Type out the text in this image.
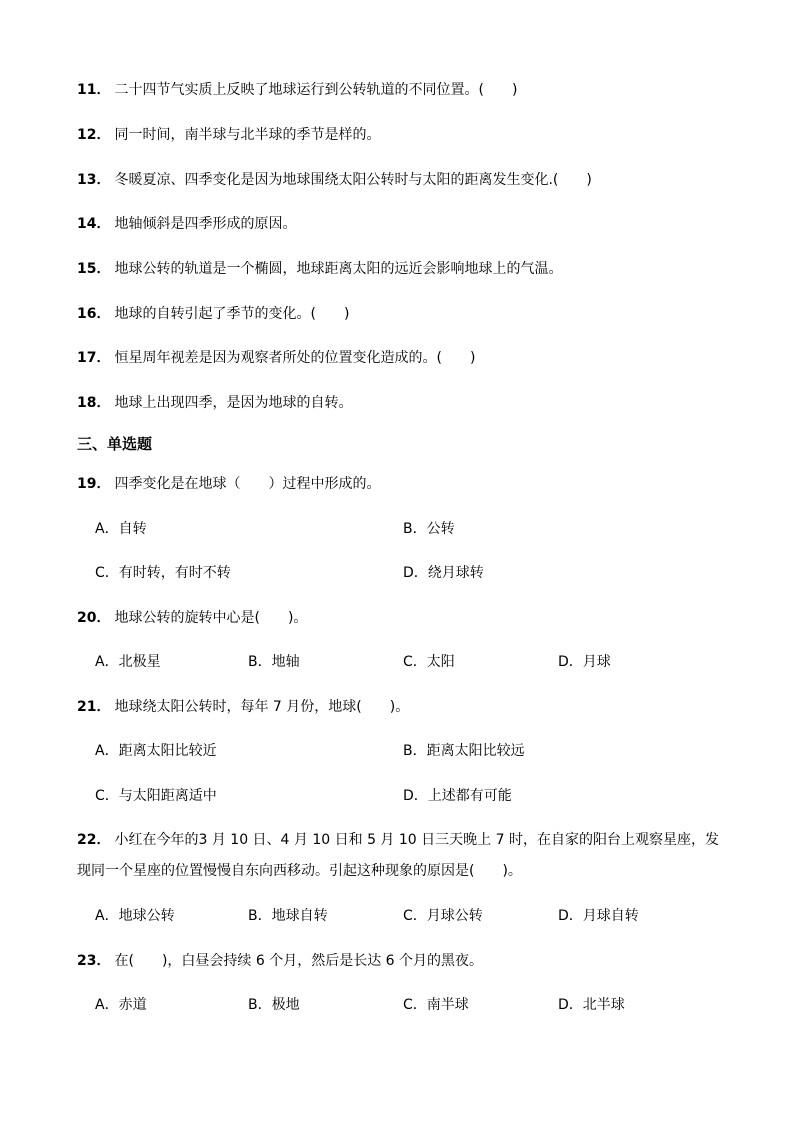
11． 二十四节气实质上反映了地球运行到公转轨道的不同位置。(　　)
12． 同一时间，南半球与北半球的季节是样的。
13． 冬暖夏凉、四季变化是因为地球围绕太阳公转时与太阳的距离发生变化.(　　)
14． 地轴倾斜是四季形成的原因。
15． 地球公转的轨道是一个椭圆，地球距离太阳的远近会影响地球上的气温。
16． 地球的自转引起了季节的变化。(　　)
17． 恒星周年视差是因为观察者所处的位置变化造成的。(　　)
18． 地球上出现四季，是因为地球的自转。
三、单选题
19． 四季变化是在地球（　　）过程中形成的。
A．自转	B．公转
C．有时转，有时不转	D．绕月球转
20． 地球公转的旋转中心是(　　)。
A．北极星	B．地轴	C．太阳	D．月球
21． 地球绕太阳公转时，每年 7 月份，地球(　　)。
A．距离太阳比较近	B．距离太阳比较远
C．与太阳距离适中	D．上述都有可能
22． 小红在今年的3 月 10 日、4 月 10 日和 5 月 10 日三天晚上 7 时，在自家的阳台上观察星座，发
现同一个星座的位置慢慢自东向西移动。引起这种现象的原因是(　　)。
A．地球公转	B．地球自转	C．月球公转	D．月球自转
23． 在(　　)，白昼会持续 6 个月，然后是长达 6 个月的黑夜。
A．赤道	B．极地	C．南半球	D．北半球
